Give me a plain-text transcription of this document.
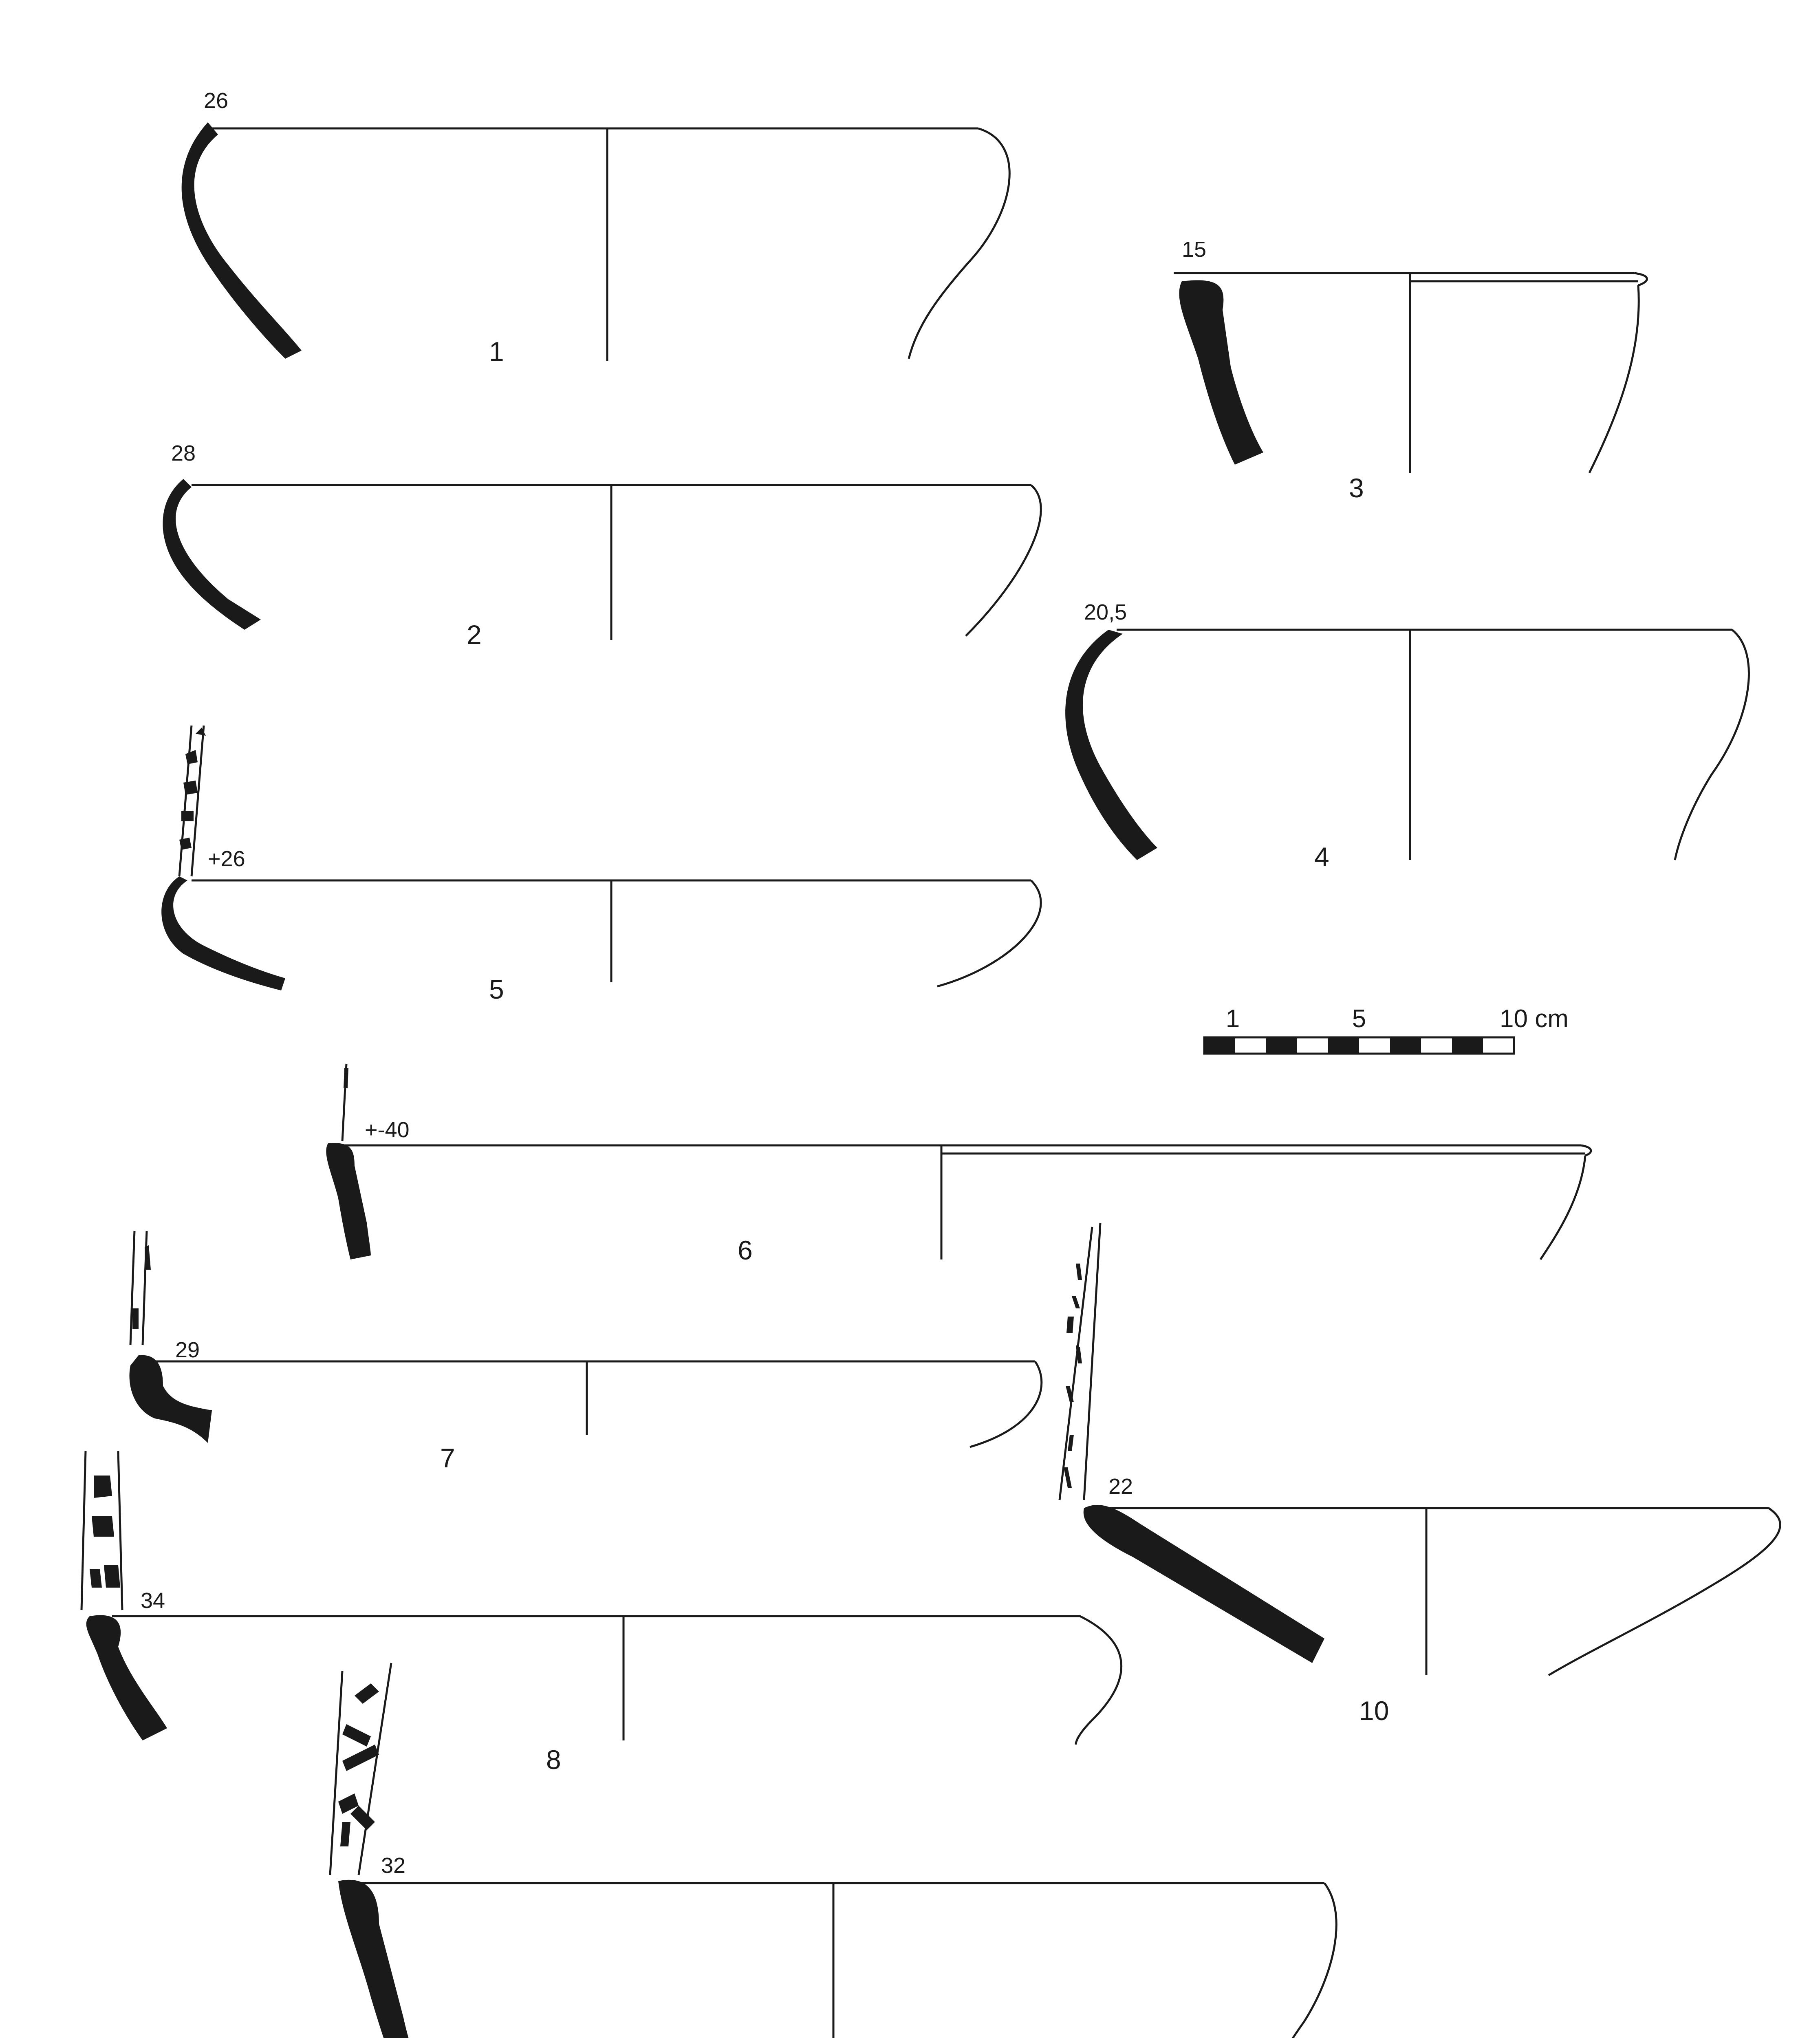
1	5	10 cm
26
28
15
20,5
+26
+-40
29
34
32
22
1
2
3
4
5
6
7
8
10
